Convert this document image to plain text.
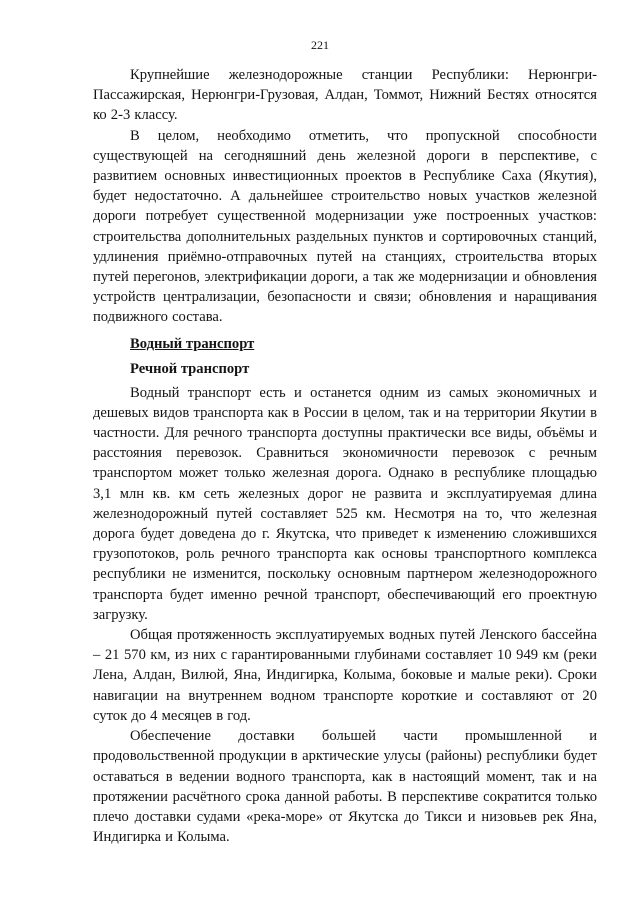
221

Крупнейшие железнодорожные станции Республики: Нерюнгри-Пассажирская, Нерюнгри-Грузовая, Алдан, Томмот, Нижний Бестях относятся ко 2-3 классу.

В целом, необходимо отметить, что пропускной способности существующей на сегодняшний день железной дороги в перспективе, с развитием основных инвестиционных проектов в Республике Саха (Якутия), будет недостаточно. А дальнейшее строительство новых участков железной дороги потребует существенной модернизации уже построенных участков: строительства дополнительных раздельных пунктов и сортировочных станций, удлинения приёмно-отправочных путей на станциях, строительства вторых путей перегонов, электрификации дороги, а так же модернизации и обновления устройств централизации, безопасности и связи; обновления и наращивания подвижного состава.

Водный транспорт
Речной транспорт

Водный транспорт есть и останется одним из самых экономичных и дешевых видов транспорта как в России в целом, так и на территории Якутии в частности. Для речного транспорта доступны практически все виды, объёмы и расстояния перевозок. Сравниться экономичности перевозок с речным транспортом может только железная дорога. Однако в республике площадью 3,1 млн кв. км сеть железных дорог не развита и эксплуатируемая длина железнодорожный путей составляет 525 км. Несмотря на то, что железная дорога будет доведена до г. Якутска, что приведет к изменению сложившихся грузопотоков, роль речного транспорта как основы транспортного комплекса республики не изменится, поскольку основным партнером железнодорожного транспорта будет именно речной транспорт, обеспечивающий его проектную загрузку.

Общая протяженность эксплуатируемых водных путей Ленского бассейна – 21 570 км, из них с гарантированными глубинами составляет 10 949 км (реки Лена, Алдан, Вилюй, Яна, Индигирка, Колыма, боковые и малые реки). Сроки навигации на внутреннем водном транспорте короткие и составляют от 20 суток до 4 месяцев в год.

Обеспечение доставки большей части промышленной и продовольственной продукции в арктические улусы (районы) республики будет оставаться в ведении водного транспорта, как в настоящий момент, так и на протяжении расчётного срока данной работы. В перспективе сократится только плечо доставки судами «река-море» от Якутска до Тикси и низовьев рек Яна, Индигирка и Колыма.
